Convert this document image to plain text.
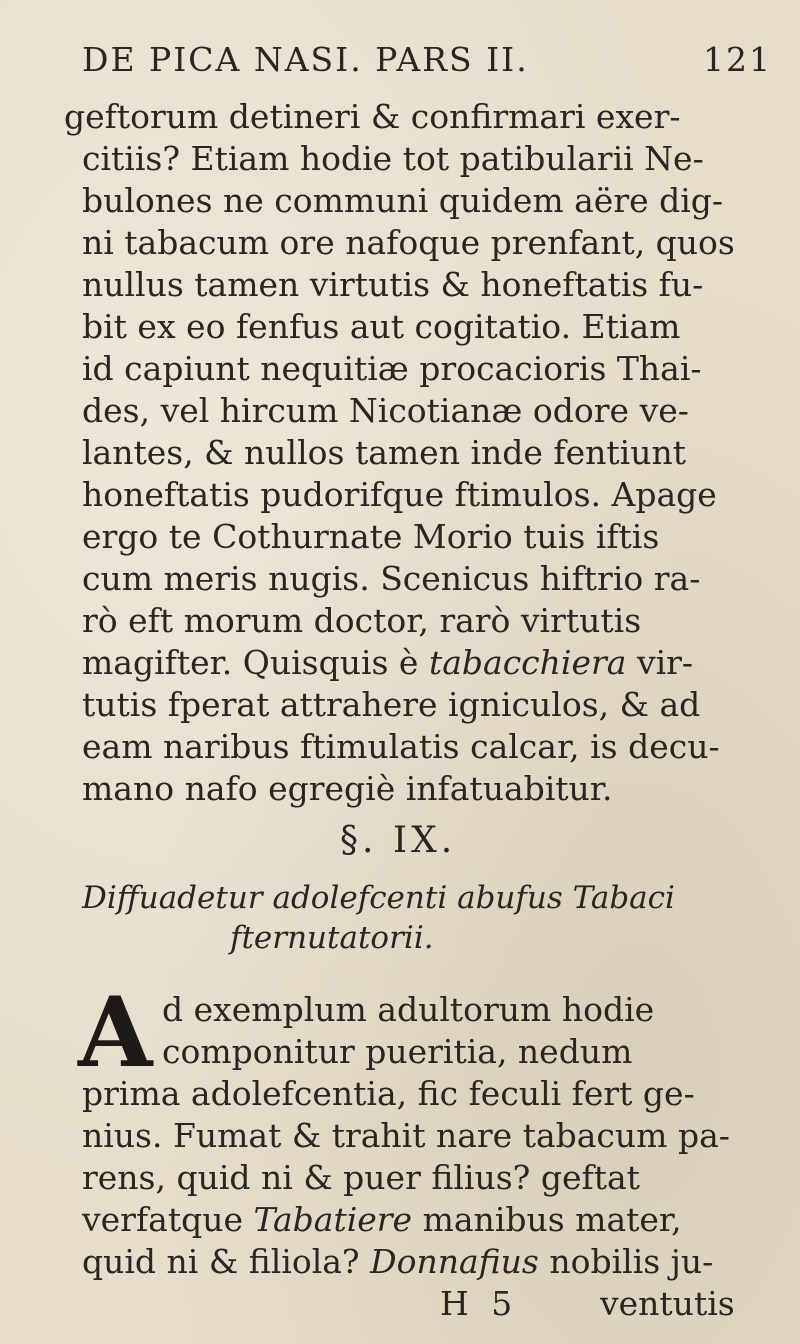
DE PICA NASI. PARS II.	121
geftorum detineri & confirmari exer-
citiis? Etiam hodie tot patibularii Ne-
bulones ne communi quidem aëre dig-
ni tabacum ore nafoque prenfant, quos
nullus tamen virtutis & honeftatis fu-
bit ex eo fenfus aut cogitatio. Etiam
id capiunt nequitiæ procacioris Thai-
des, vel hircum Nicotianæ odore ve-
lantes, & nullos tamen inde fentiunt
honeftatis pudorifque ftimulos. Apage
ergo te Cothurnate Morio tuis iftis
cum meris nugis. Scenicus hiftrio ra-
rò eft morum doctor, rarò virtutis
magifter. Quisquis è tabacchiera vir-
tutis fperat attrahere igniculos, & ad
eam naribus ftimulatis calcar, is decu-
mano nafo egregiè infatuabitur.
§. IX.
Diffuadetur adolefcenti abufus Tabaci
fternutatorii.
A d exemplum adultorum hodie
componitur pueritia, nedum
prima adolefcentia, fic feculi fert ge-
nius. Fumat & trahit nare tabacum pa-
rens, quid ni & puer filius? geftat
verfatque Tabatiere manibus mater,
quid ni & filiola? Donnafius nobilis ju-
H 5 ventutis
